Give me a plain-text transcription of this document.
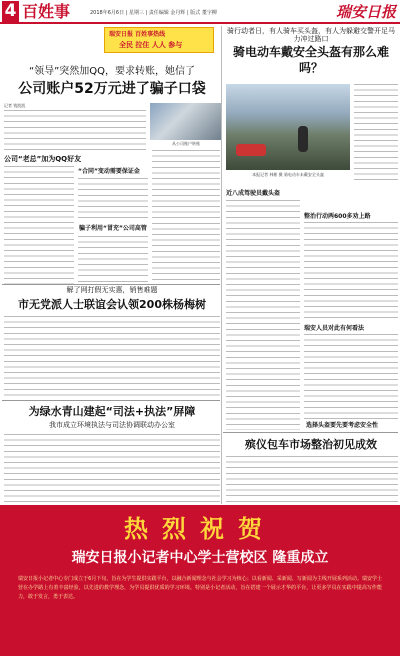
4 百姓事	2018年6月6日 | 星期三 | 责任编辑 金丹辉 | 版式 董宇柳	瑞安日报
瑞安日报 百姓事热线
全民 拉住 人人 参与
“领导”突然加QQ，要求转账，她信了
公司账户52万元进了骗子口袋
记者 钱凯凯
从公司账户转账
公司“老总”加为QQ好友
“合同”变动需要保证金
骗子利用“冒充”公司高管
骑行动者日，有人骑车买头盔，有人为躲避交警开足马力冲过路口
骑电动车戴安全头盔有那么难吗？
本报记者 林彬 摄 骑电动车未戴安全头盔
近八成驾驶员戴头盔
整治行动两600多劝上路
瑞安人员对此有何看法
选择头盔要先要考虑安全性
解了网打假无实惠，销售难题
市无党派人士联谊会认领200株杨梅树
为绿水青山建起“司法+执法”屏障
我市成立环境执法与司法协调联动办公室
殡仪包车市场整治初见成效
热烈祝贺
瑞安日报小记者中心学士营校区 隆重成立
瑞安日报小记者中心专门成立于6月下旬，旨在为学生提供实践平台，以融合新闻理念与社会学习为核心；以看新闻、采新闻、写新闻为主线开展系列活动。瑞安学士营在办学路上有着丰富经验，以先进的教学理念，为学员提供优质的学习环境。特别是小记者活动，旨在搭建一个展示才华的平台，让更多学员在实践中提高写作能力，敢于发言，勇于表达。
